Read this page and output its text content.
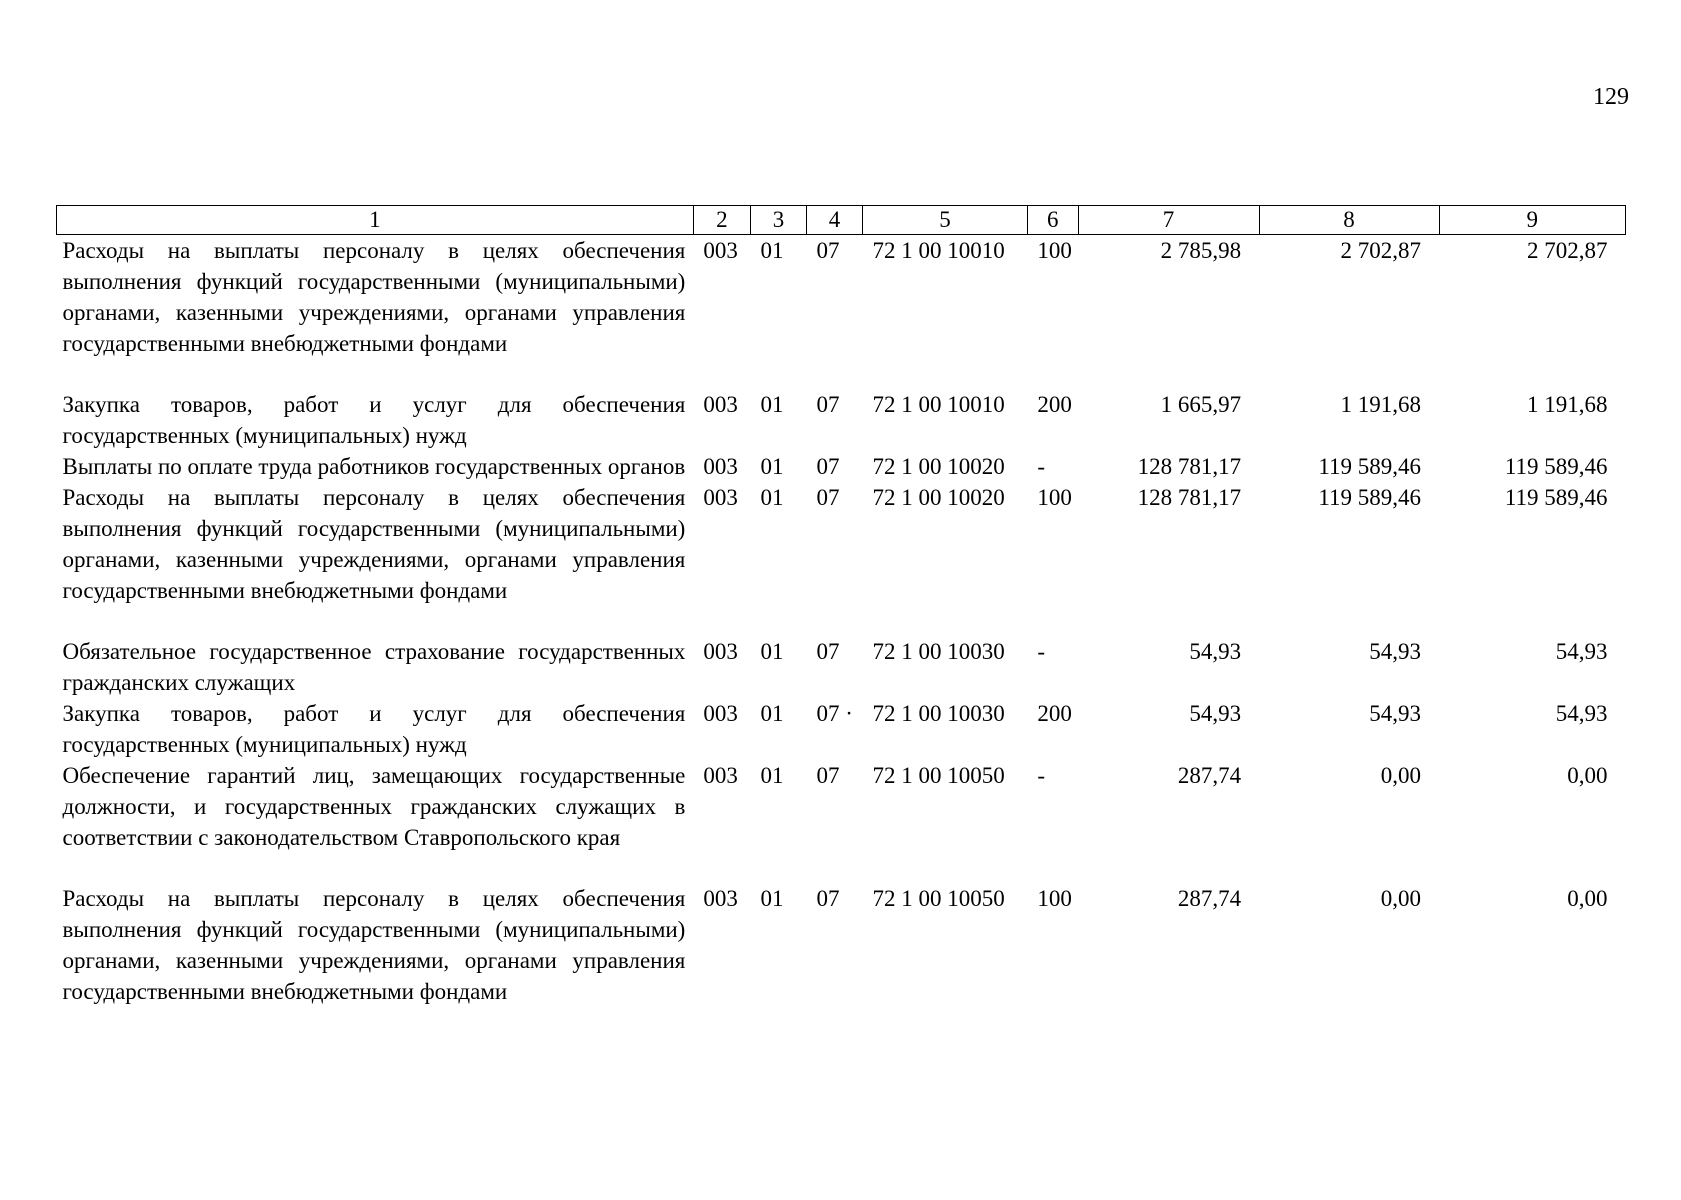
129
1	2	3	4	5	6	7	8	9
Расходы на выплаты персоналу в целях обеспечения выполнения функций государственными (муниципальными) органами, казенными учреждениями, органами управления государственными внебюджетными фондами	003	01	07	72 1 00 10010	100	2 785,98	2 702,87	2 702,87
Закупка товаров, работ и услуг для обеспечения государственных (муниципальных) нужд	003	01	07	72 1 00 10010	200	1 665,97	1 191,68	1 191,68
Выплаты по оплате труда работников государственных органов	003	01	07	72 1 00 10020	-	128 781,17	119 589,46	119 589,46
Расходы на выплаты персоналу в целях обеспечения выполнения функций государственными (муниципальными) органами, казенными учреждениями, органами управления государственными внебюджетными фондами	003	01	07	72 1 00 10020	100	128 781,17	119 589,46	119 589,46
Обязательное государственное страхование государственных гражданских служащих	003	01	07	72 1 00 10030	-	54,93	54,93	54,93
Закупка товаров, работ и услуг для обеспечения государственных (муниципальных) нужд	003	01	07 ·	72 1 00 10030	200	54,93	54,93	54,93
Обеспечение гарантий лиц, замещающих государственные должности, и государственных гражданских служащих в соответствии с законодательством Ставропольского края	003	01	07	72 1 00 10050	-	287,74	0,00	0,00
Расходы на выплаты персоналу в целях обеспечения выполнения функций государственными (муниципальными) органами, казенными учреждениями, органами управления государственными внебюджетными фондами	003	01	07	72 1 00 10050	100	287,74	0,00	0,00
